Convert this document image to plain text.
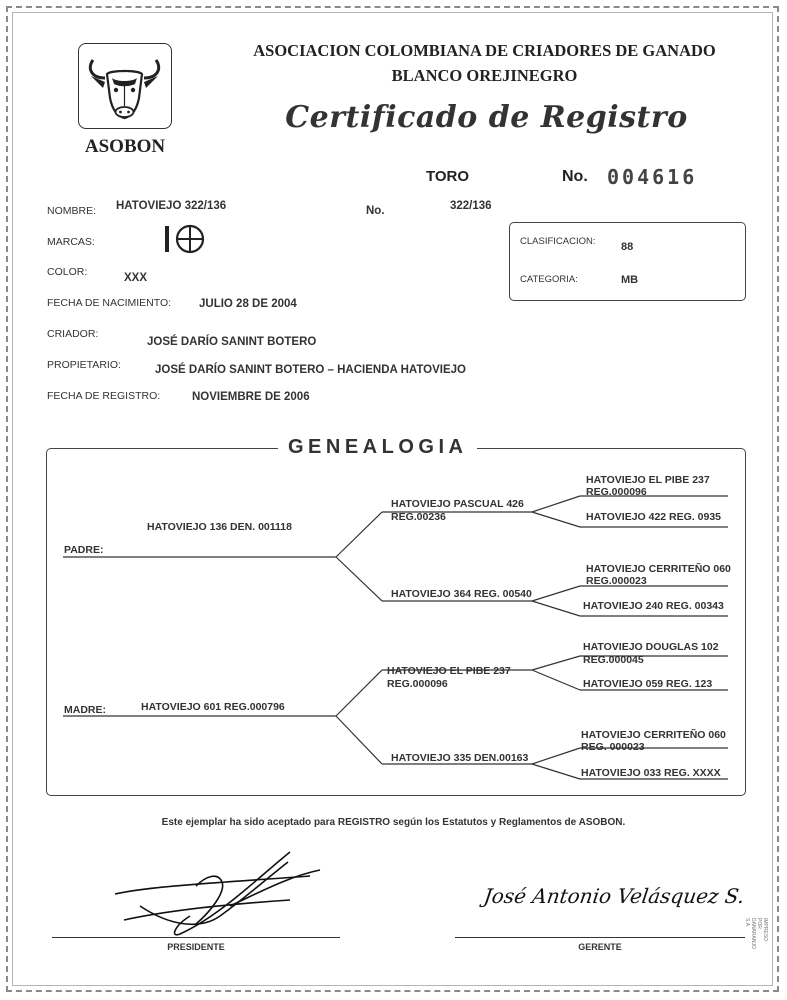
ASOBON
ASOCIACION COLOMBIANA DE CRIADORES DE GANADO
BLANCO OREJINEGRO
Certificado de Registro
TORO	No. 004616
NOMBRE: HATOVIEJO 322/136	No.	322/136
MARCAS:
COLOR:	XXX
FECHA DE NACIMIENTO: JULIO 28 DE 2004
CRIADOR:
JOSÉ DARÍO SANINT BOTERO
PROPIETARIO:	JOSÉ DARÍO SANINT BOTERO – HACIENDA HATOVIEJO
FECHA DE REGISTRO:	NOVIEMBRE DE 2006
CLASIFICACION: 88
CATEGORIA:	MB
GENEALOGIA
PADRE:
HATOVIEJO 136 DEN. 001118
MADRE:	HATOVIEJO 601 REG.000796
HATOVIEJO PASCUAL 426
REG.00236
HATOVIEJO 364 REG. 00540
HATOVIEJO EL PIBE 237
REG.000096
HATOVIEJO 335 DEN.00163
HATOVIEJO EL PIBE 237
REG.000096
HATOVIEJO 422 REG. 0935
HATOVIEJO CERRITEÑO 060
REG.000023
HATOVIEJO 240 REG. 00343
HATOVIEJO DOUGLAS 102
REG.000045
HATOVIEJO 059 REG. 123
HATOVIEJO CERRITEÑO 060
REG. 000023
HATOVIEJO 033 REG. XXXX
Este ejemplar ha sido aceptado para REGISTRO según los Estatutos y Reglamentos de ASOBON.
PRESIDENTE
José Antonio Velásquez S.
GERENTE
IMPRESO POR DANARANJO S.A.
